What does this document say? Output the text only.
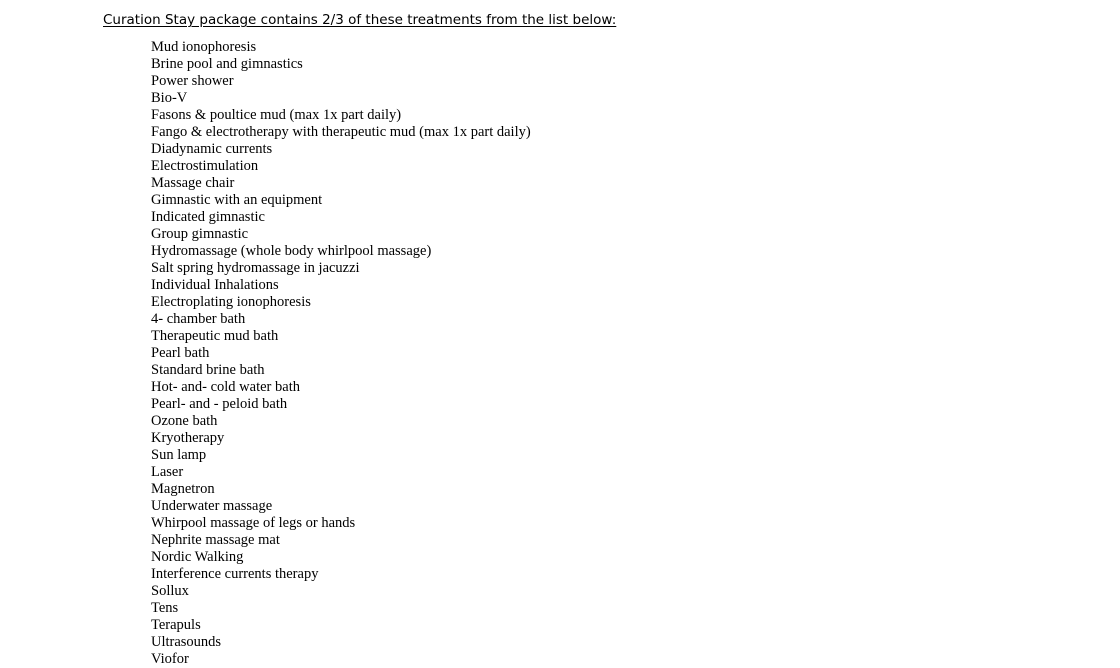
Curation Stay package contains 2/3 of these treatments from the list below:

Mud ionophoresis
Brine pool and gimnastics
Power shower
Bio-V
Fasons & poultice mud (max 1x part daily)
Fango & electrotherapy with therapeutic mud (max 1x part daily)
Diadynamic currents
Electrostimulation
Massage chair
Gimnastic with an equipment
Indicated gimnastic
Group gimnastic
Hydromassage (whole body whirlpool massage)
Salt spring hydromassage in jacuzzi
Individual Inhalations
Electroplating ionophoresis
4- chamber bath
Therapeutic mud bath
Pearl bath
Standard brine bath
Hot- and- cold water bath
Pearl- and - peloid bath
Ozone bath
Kryotherapy
Sun lamp
Laser
Magnetron
Underwater massage
Whirpool massage of legs or hands
Nephrite massage mat
Nordic Walking
Interference currents therapy
Sollux
Tens
Terapuls
Ultrasounds
Viofor
